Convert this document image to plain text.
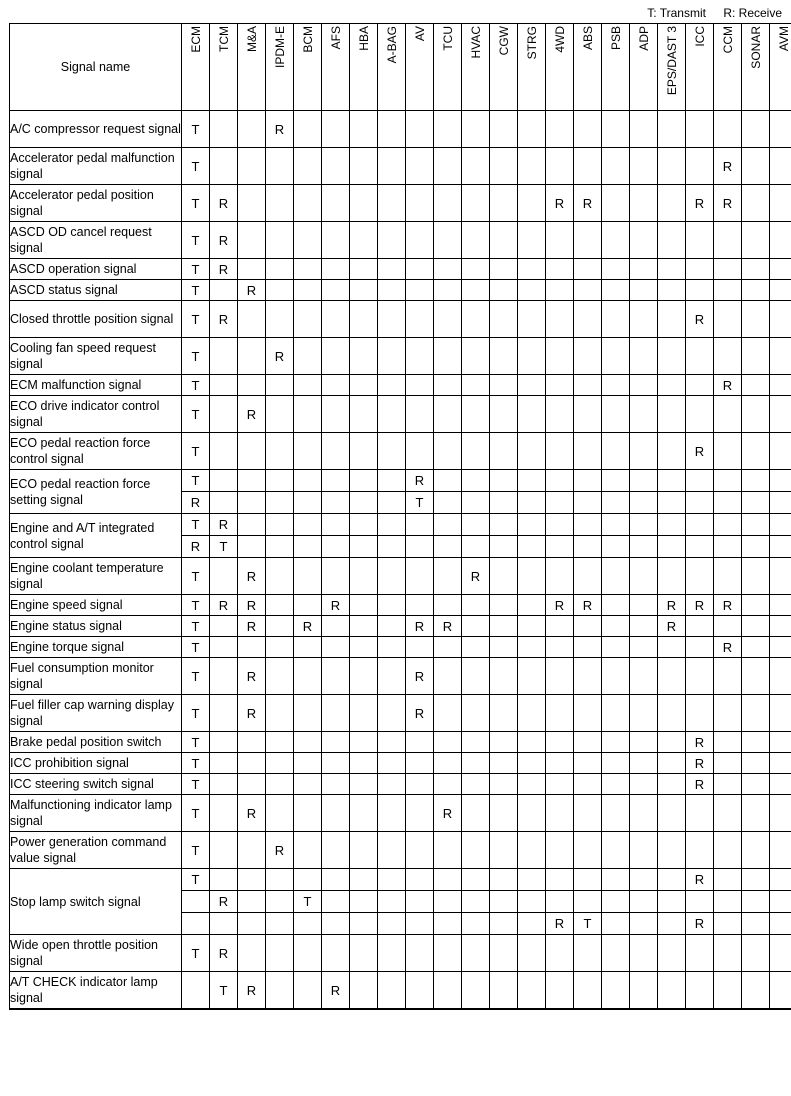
T: Transmit R: Receive
Signal name	ECM	TCM	M&A	IPDM-E	BCM	AFS	HBA	A-BAG	AV	TCU	HVAC	CGW	STRG	4WD	ABS	PSB	ADP	EPS/DAST 3	ICC	CCM	SONAR	AVM
A/C compressor request signal	T			R																		
Accelerator pedal malfunction signal	T																			R		
Accelerator pedal position signal	T	R												R	R				R	R		
ASCD OD cancel request signal	T	R																				
ASCD operation signal	T	R																				
ASCD status signal	T		R																			
Closed throttle position signal	T	R																	R			
Cooling fan speed request signal	T			R																		
ECM malfunction signal	T																			R		
ECO drive indicator control signal	T		R																			
ECO pedal reaction force control signal	T																		R			
ECO pedal reaction force setting signal	T								R													
	R								T													
Engine and A/T integrated control signal	T	R																				
	R	T																				
Engine coolant temperature signal	T		R								R											
Engine speed signal	T	R	R			R								R	R			R	R	R		
Engine status signal	T		R		R				R	R								R				
Engine torque signal	T																			R		
Fuel consumption monitor signal	T		R						R													
Fuel filler cap warning display signal	T		R						R													
Brake pedal position switch	T																		R			
ICC prohibition signal	T																		R			
ICC steering switch signal	T																		R			
Malfunctioning indicator lamp signal	T		R							R												
Power generation command value signal	T			R																		
Stop lamp switch signal	T																		R			
		R			T																	
														R	T				R			
Wide open throttle position signal	T	R																				
A/T CHECK indicator lamp signal		T	R			R																
